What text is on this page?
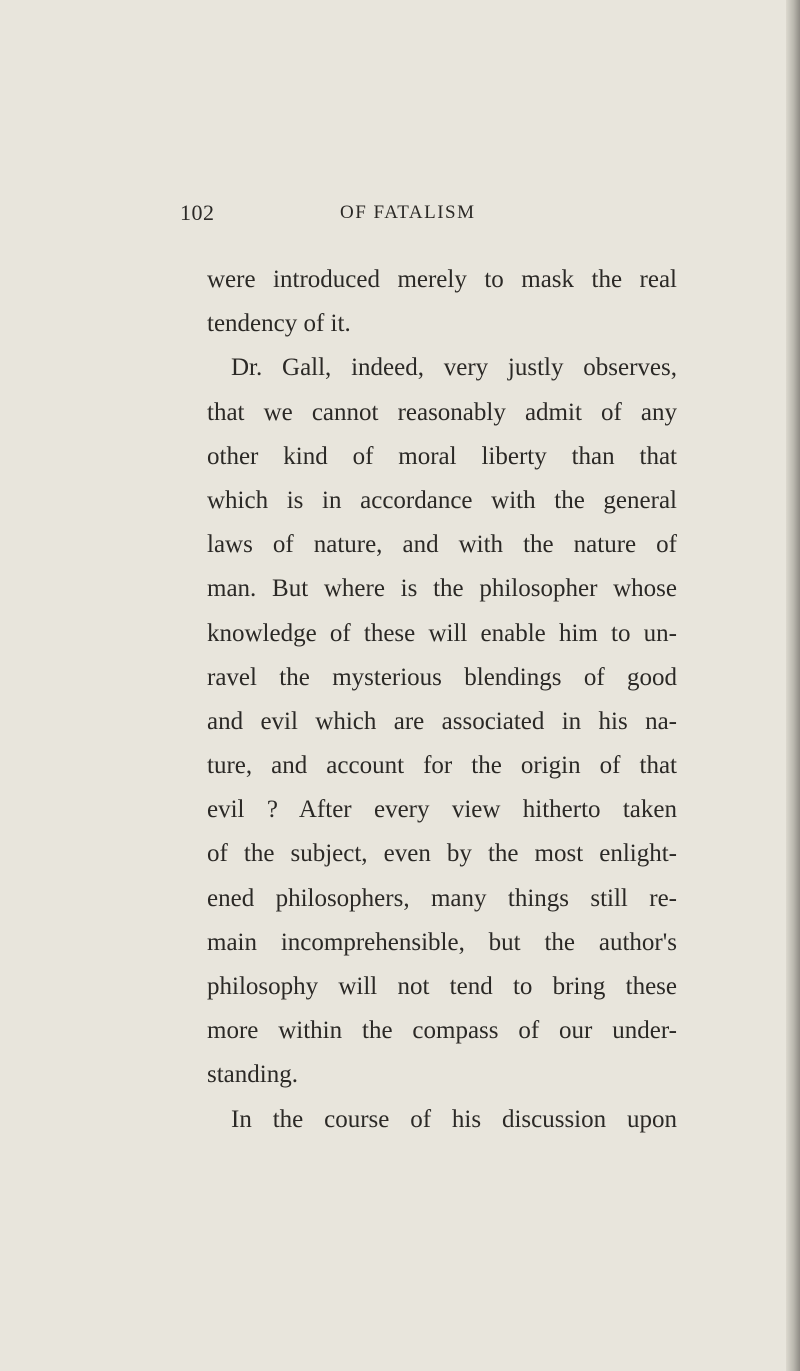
102	OF FATALISM
were introduced merely to mask the real
tendency of it.
Dr. Gall, indeed, very justly observes,
that we cannot reasonably admit of any
other kind of moral liberty than that
which is in accordance with the general
laws of nature, and with the nature of
man. But where is the philosopher whose
knowledge of these will enable him to un-
ravel the mysterious blendings of good
and evil which are associated in his na-
ture, and account for the origin of that
evil ? After every view hitherto taken
of the subject, even by the most enlight-
ened philosophers, many things still re-
main incomprehensible, but the author's
philosophy will not tend to bring these
more within the compass of our under-
standing.
In the course of his discussion upon
